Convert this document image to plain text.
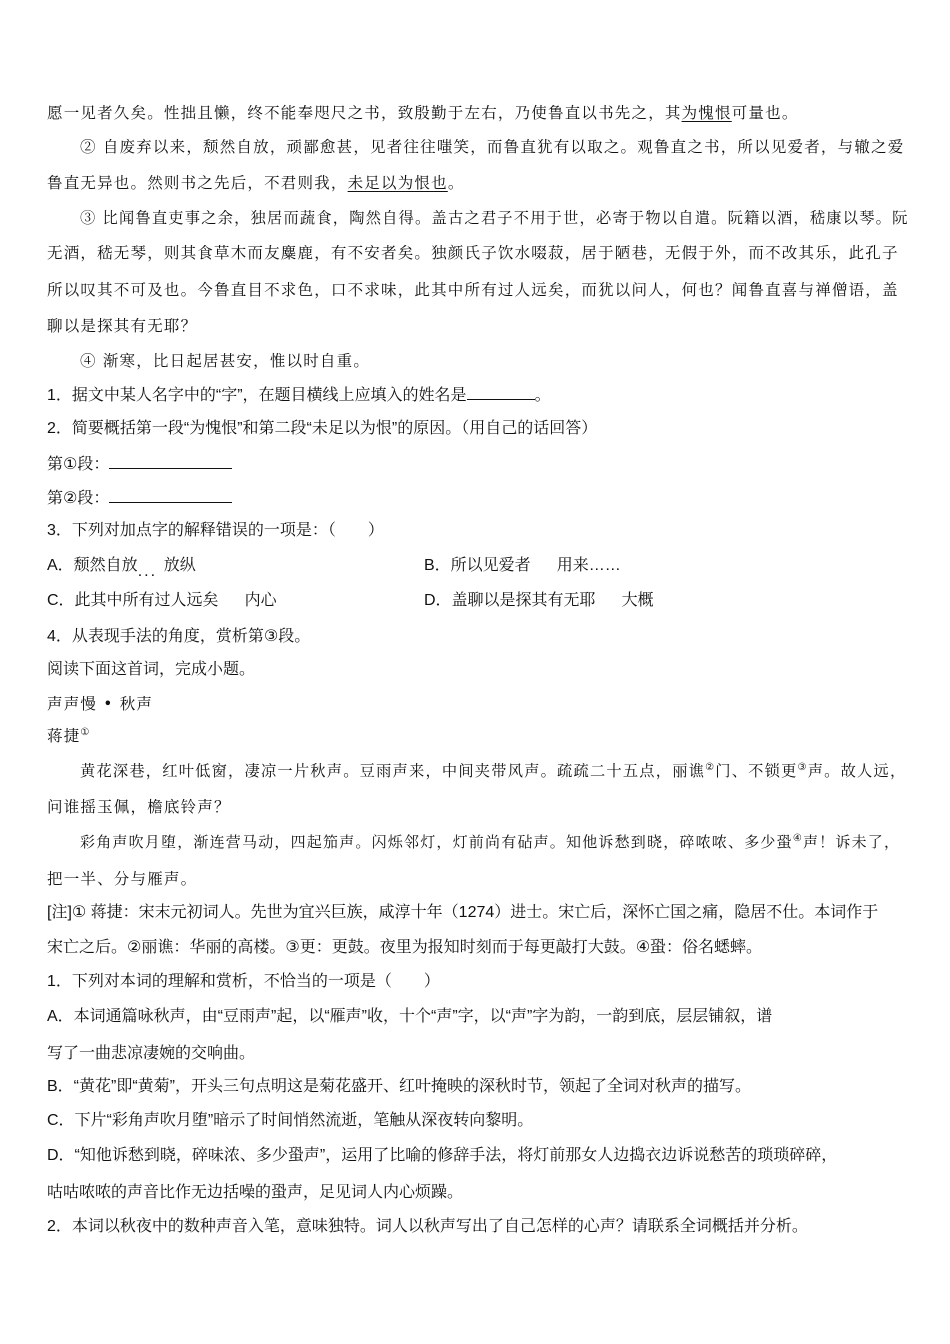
愿一见者久矣。性拙且懒，终不能奉咫尺之书，致殷勤于左右，乃使鲁直以书先之，其为愧恨可量也。
② 自废弃以来，颓然自放，顽鄙愈甚，见者往往嗤笑，而鲁直犹有以取之。观鲁直之书，所以见爱者，与辙之爱
鲁直无异也。然则书之先后，不君则我，未足以为恨也。
③ 比闻鲁直吏事之余，独居而蔬食，陶然自得。盖古之君子不用于世，必寄于物以自遣。阮籍以酒，嵇康以琴。阮
无酒，嵇无琴，则其食草木而友麋鹿，有不安者矣。独颜氏子饮水啜菽，居于陋巷，无假于外，而不改其乐，此孔子
所以叹其不可及也。今鲁直目不求色，口不求味，此其中所有过人远矣，而犹以问人，何也？闻鲁直喜与禅僧语，盖
聊以是探其有无耶？
④ 渐寒，比日起居甚安，惟以时自重。
1．据文中某人名字中的“字”，在题目横线上应填入的姓名是	。
2．简要概括第一段“为愧恨”和第二段“未足以为恨”的原因。（用自己的话回答）
第①段：
第②段：
3．下列对加点字的解释错误的一项是：（　　）
A．颓然自放... 放纵	B．所以见爱者 用来……
C．此其中所有过人远矣 内心	D．盖聊以是探其有无耶 大概
4．从表现手法的角度，赏析第③段。
阅读下面这首词，完成小题。
声声慢 • 秋声
蒋捷①
黄花深巷，红叶低窗，凄凉一片秋声。豆雨声来，中间夹带风声。疏疏二十五点，丽谯②门、不锁更③声。故人远，
问谁摇玉佩，檐底铃声？
彩角声吹月堕，渐连营马动，四起笳声。闪烁邻灯，灯前尚有砧声。知他诉愁到晓，碎哝哝、多少蛩④声！诉未了，
把一半、分与雁声。
[注]① 蒋捷：宋末元初词人。先世为宜兴巨族，咸淳十年（1274）进士。宋亡后，深怀亡国之痛，隐居不仕。本词作于
宋亡之后。②丽谯：华丽的高楼。③更：更鼓。夜里为报知时刻而于每更敲打大鼓。④蛩：俗名蟋蟀。
1．下列对本词的理解和赏析，不恰当的一项是（　　）
A．本词通篇咏秋声，由“豆雨声”起，以“雁声”收，十个“声”字，以“声”字为韵，一韵到底，层层铺叙，谱
写了一曲悲凉凄婉的交响曲。
B．“黄花”即“黄菊”，开头三句点明这是菊花盛开、红叶掩映的深秋时节，领起了全词对秋声的描写。
C．下片“彩角声吹月堕”暗示了时间悄然流逝，笔触从深夜转向黎明。
D．“知他诉愁到晓，碎味浓、多少蛩声”，运用了比喻的修辞手法，将灯前那女人边捣衣边诉说愁苦的琐琐碎碎，
咕咕哝哝的声音比作无边括噪的蛩声，足见词人内心烦躁。
2．本词以秋夜中的数种声音入笔，意味独特。词人以秋声写出了自己怎样的心声？请联系全词概括并分析。
